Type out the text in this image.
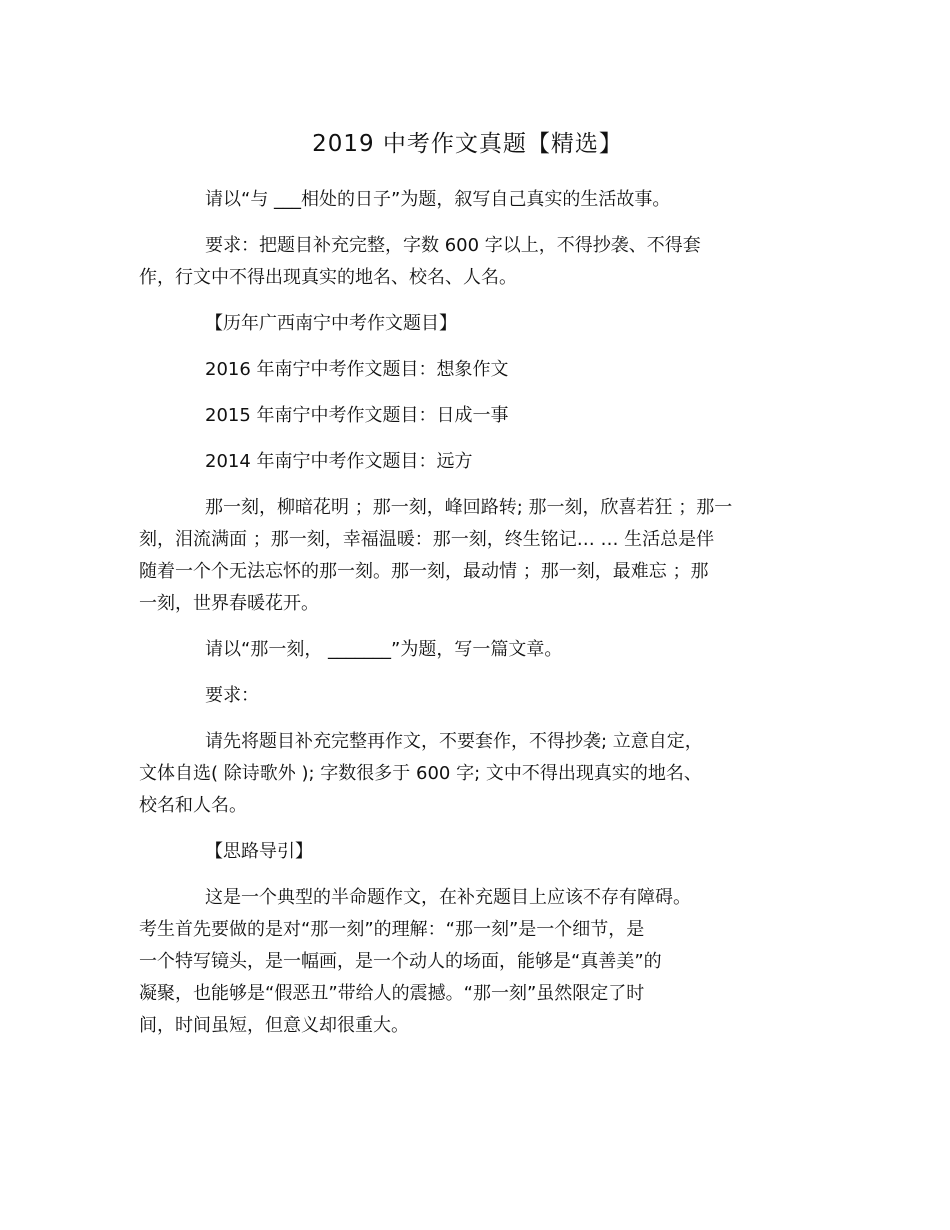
2019 中考作文真题【精选】

请以“与 ___相处的日子”为题，叙写自己真实的生活故事。

要求：把题目补充完整，字数 600 字以上，不得抄袭、不得套
作，行文中不得出现真实的地名、校名、人名。

【历年广西南宁中考作文题目】

2016 年南宁中考作文题目：想象作文

2015 年南宁中考作文题目：日成一事

2014 年南宁中考作文题目：远方

那一刻，柳暗花明 ；那一刻，峰回路转; 那一刻，欣喜若狂 ；那一
刻，泪流满面 ；那一刻，幸福温暖：那一刻，终生铭记… … 生活总是伴
随着一个个无法忘怀的那一刻。那一刻，最动情 ；那一刻，最难忘 ；那
一刻，世界春暖花开。

请以“那一刻， _______”为题，写一篇文章。

要求：

请先将题目补充完整再作文，不要套作，不得抄袭; 立意自定，
文体自选( 除诗歌外 ); 字数很多于 600 字; 文中不得出现真实的地名、
校名和人名。

【思路导引】

这是一个典型的半命题作文，在补充题目上应该不存有障碍。
考生首先要做的是对“那一刻”的理解：“那一刻”是一个细节，是
一个特写镜头，是一幅画，是一个动人的场面，能够是“真善美”的
凝聚，也能够是“假恶丑”带给人的震撼。“那一刻”虽然限定了时
间，时间虽短，但意义却很重大。
